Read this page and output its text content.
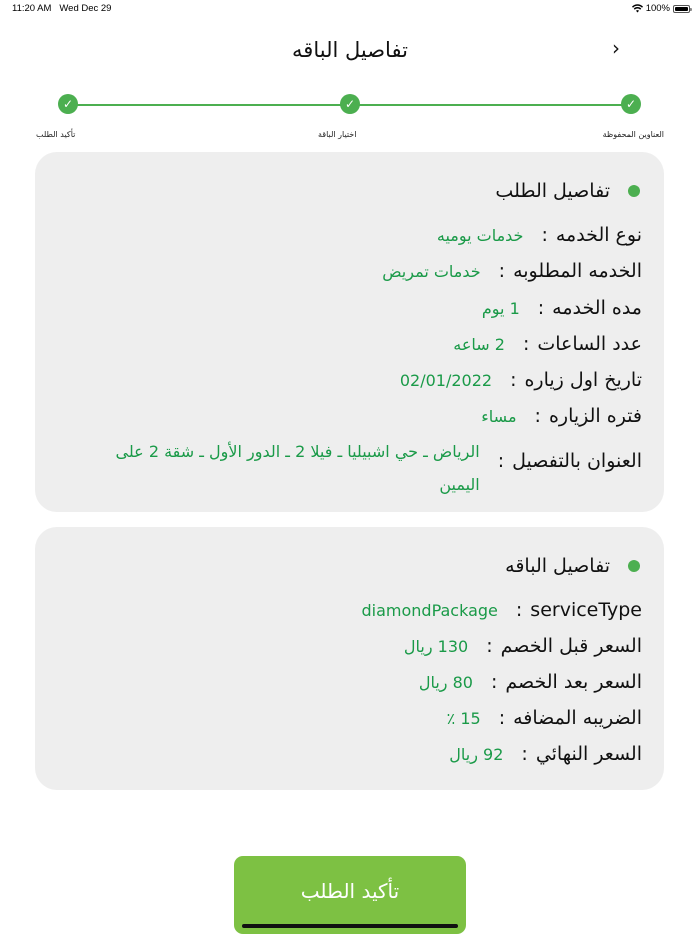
11:20 AM Wed Dec 29	100%
تفاصيل الباقه	›
✓
✓
✓
العناوين المحفوظة
اختيار الباقة
تأكيد الطلب
تفاصيل الطلب
نوع الخدمه
:
خدمات يوميه
الخدمه المطلوبه
:
خدمات تمريض
مده الخدمه
:
1 يوم
عدد الساعات
:
2 ساعه
تاريخ اول زياره
:
02/01/2022
فتره الزياره
:
مساء
العنوان بالتفصيل
:
الرياض ـ حي اشبيليا ـ فيلا 2 ـ الدور الأول ـ شقة 2 على اليمين
تفاصيل الباقه
serviceType
:
diamondPackage
السعر قبل الخصم
:
130 ريال
السعر بعد الخصم
:
80 ريال
الضريبه المضافه
:
15 ٪
السعر النهائي
:
92 ريال
تأكيد الطلب
